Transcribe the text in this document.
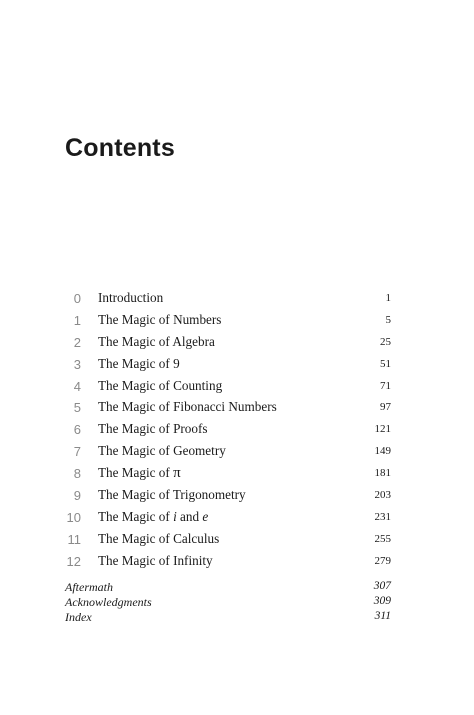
Contents
0 Introduction	1
1 The Magic of Numbers	5
2 The Magic of Algebra	25
3 The Magic of 9	51
4 The Magic of Counting	71
5 The Magic of Fibonacci Numbers	97
6 The Magic of Proofs	121
7 The Magic of Geometry	149
8 The Magic of π	181
9 The Magic of Trigonometry	203
10 The Magic of i and e	231
11 The Magic of Calculus	255
12 The Magic of Infinity	279
Aftermath	307
Acknowledgments	309
Index	311
